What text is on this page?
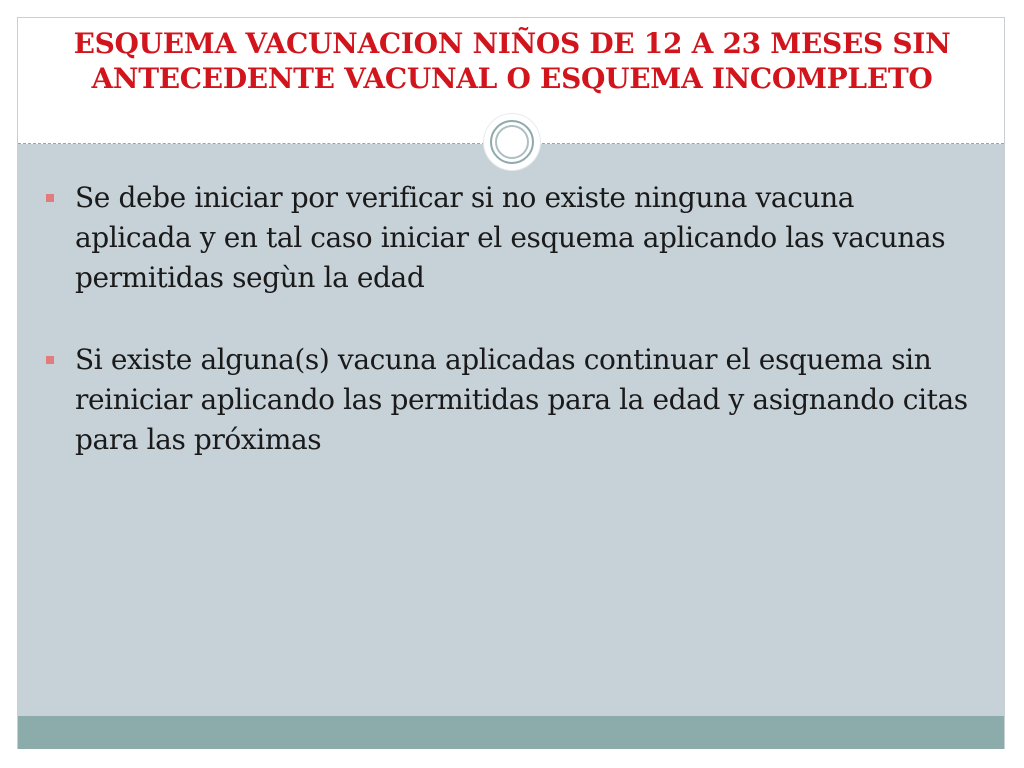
ESQUEMA VACUNACION NIÑOS DE 12 A 23 MESES SIN ANTECEDENTE VACUNAL O ESQUEMA INCOMPLETO
Se debe iniciar por verificar si no existe ninguna vacuna aplicada y en tal caso iniciar el esquema aplicando las vacunas permitidas segùn la edad
Si existe alguna(s) vacuna aplicadas continuar el esquema sin reiniciar aplicando las permitidas para la edad y asignando citas para las próximas
